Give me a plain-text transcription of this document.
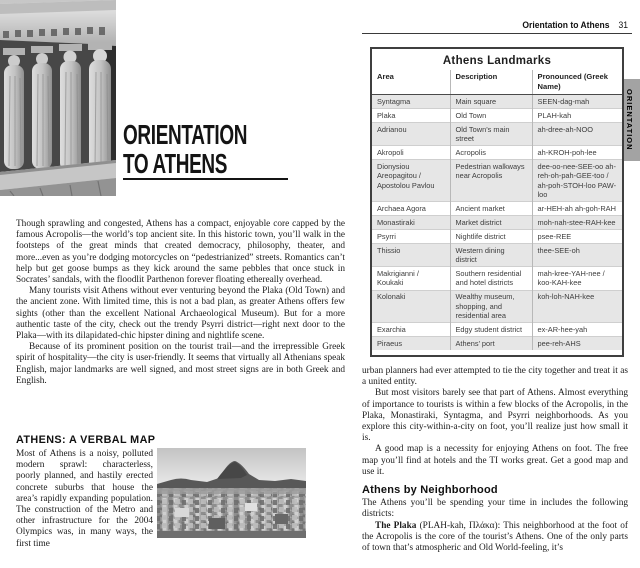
ORIENTATION
TO ATHENS

Though sprawling and congested, Athens has a compact, enjoyable core capped by the famous Acropolis—the world’s top ancient site. In this historic town, you’ll walk in the footsteps of the great minds that created democracy, philosophy, theater, and more...even as you’re dodging motorcycles on “pedestrianized” streets. Romantics can’t help but get goose bumps as they kick around the same pebbles that once stuck in Socrates’ sandals, with the floodlit Parthenon forever floating ethereally overhead.

Many tourists visit Athens without ever venturing beyond the Plaka (Old Town) and the ancient zone. With limited time, this is not a bad plan, as greater Athens offers few sights (other than the excellent National Archaeological Museum). But for a more authentic taste of the city, check out the trendy Psyrri district—right next door to the Plaka—with its dilapidated-chic hipster dining and nightlife scene.

Because of its prominent position on the tourist trail—and the irrepressible Greek spirit of hospitality—the city is user-friendly. It seems that virtually all Athenians speak English, major landmarks are well signed, and most street signs are in both Greek and English.

ATHENS: A VERBAL MAP

Most of Athens is a noisy, polluted modern sprawl: characterless, poorly planned, and hastily erected concrete suburbs that house the area’s rapidly expanding population. The construction of the Metro and other infrastructure for the 2004 Olympics was, in many ways, the first time

Orientation to Athens 31
ORIENTATION
Athens Landmarks
Area	Description	Pronounced (Greek Name)
Syntagma	Main square	SEEN-dag-mah
Plaka	Old Town	PLAH-kah
Adrianou	Old Town’s main street	ah-dree-ah-NOO
Akropoli	Acropolis	ah-KROH-poh-lee
Dionysiou Areopagitou / Apostolou Pavlou	Pedestrian walkways near Acropolis	dee-oo-nee-SEE-oo ah-reh-oh-pah-GEE-too / ah-poh-STOH-loo PAW-loo
Archaea Agora	Ancient market	ar-HEH-ah ah-goh-RAH
Monastiraki	Market district	moh-nah-stee-RAH-kee
Psyrri	Nightlife district	psee-REE
Thissio	Western dining district	thee-SEE-oh
Makrigianni / Koukaki	Southern residential and hotel districts	mah-kree-YAH-nee / koo-KAH-kee
Kolonaki	Wealthy museum, shopping, and residential area	koh-loh-NAH-kee
Exarchia	Edgy student district	ex-AR-hee-yah
Piraeus	Athens’ port	pee-reh-AHS

urban planners had ever attempted to tie the city together and treat it as a united entity.

But most visitors barely see that part of Athens. Almost everything of importance to tourists is within a few blocks of the Acropolis, in the Plaka, Monastiraki, Syntagma, and Psyrri neighborhoods. As you explore this city-within-a-city on foot, you’ll realize just how small it is.

A good map is a necessity for enjoying Athens on foot. The free map you’ll find at hotels and the TI works great. Get a good map and use it.

Athens by Neighborhood

The Athens you’ll be spending your time in includes the following districts:

The Plaka (PLAH-kah, Πλάκα): This neighborhood at the foot of the Acropolis is the core of the tourist’s Athens. One of the only parts of town that’s atmospheric and Old World-feeling, it’s
